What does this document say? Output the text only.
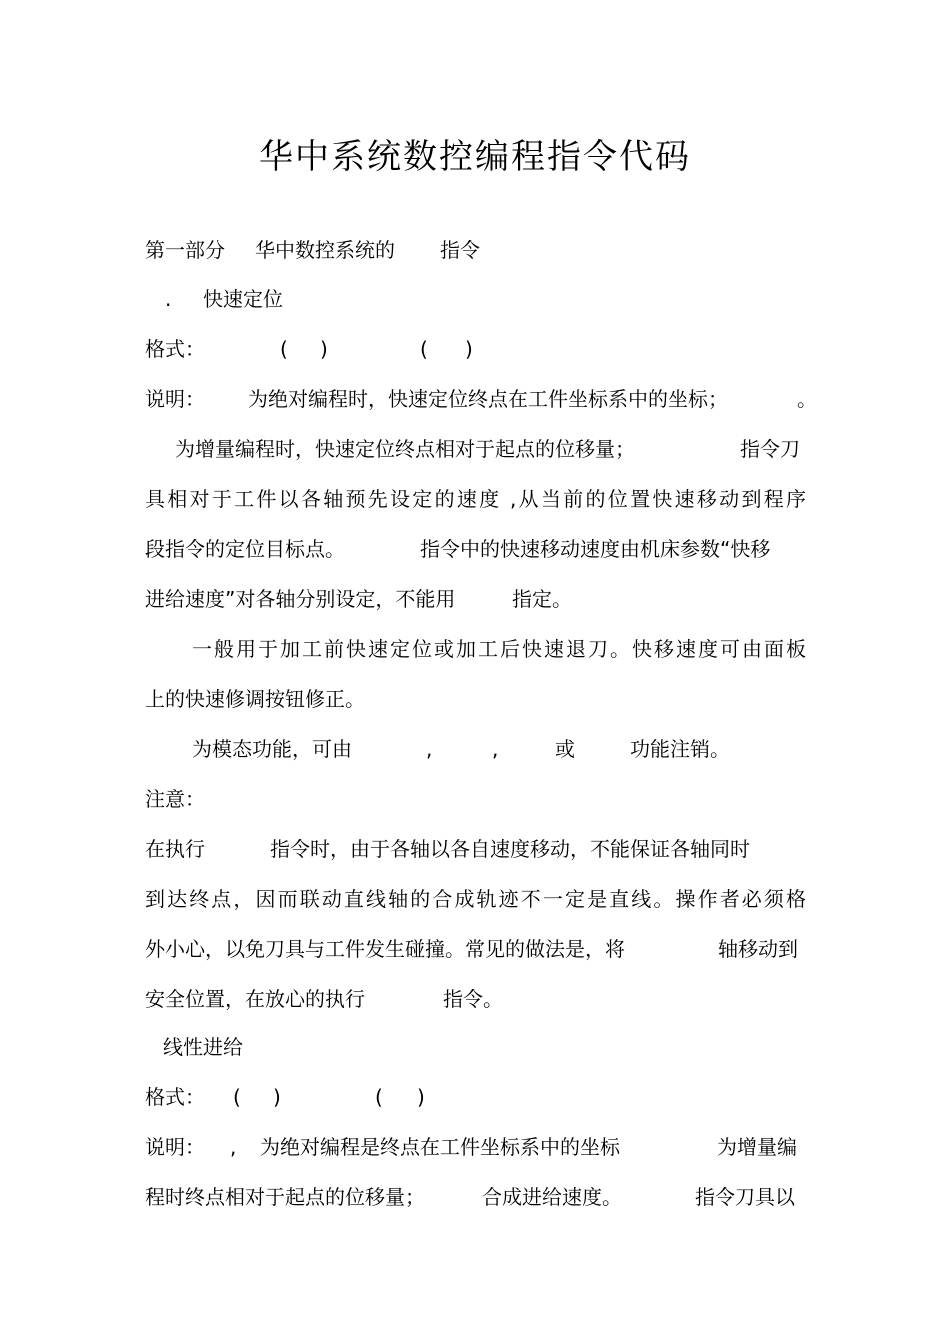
华中系统数控编程指令代码
第一部分 华中数控系统的 指令
. 快速定位
格式：	( )	( )
说明： 为绝对编程时，快速定位终点在工件坐标系中的坐标；	。
为增量编程时，快速定位终点相对于起点的位移量；	指令刀
具相对于工件以各轴预先设定的速度 ,从当前的位置快速移动到程序
段指令的定位目标点。	指令中的快速移动速度由机床参数“快移
进给速度”对各轴分别设定，不能用	指定。
一般用于加工前快速定位或加工后快速退刀。快移速度可由面板
上的快速修调按钮修正。
为模态功能，可由	,	,	或	功能注销。
注意：
在执行	指令时，由于各轴以各自速度移动，不能保证各轴同时
到达终点，因而联动直线轴的合成轨迹不一定是直线。操作者必须格
外小心，以免刀具与工件发生碰撞。常见的做法是，将	轴移动到
安全位置，在放心的执行	指令。
线性进给
格式： ( )	( )
说明： , 为绝对编程是终点在工件坐标系中的坐标	为增量编
程时终点相对于起点的位移量；	合成进给速度。	指令刀具以
